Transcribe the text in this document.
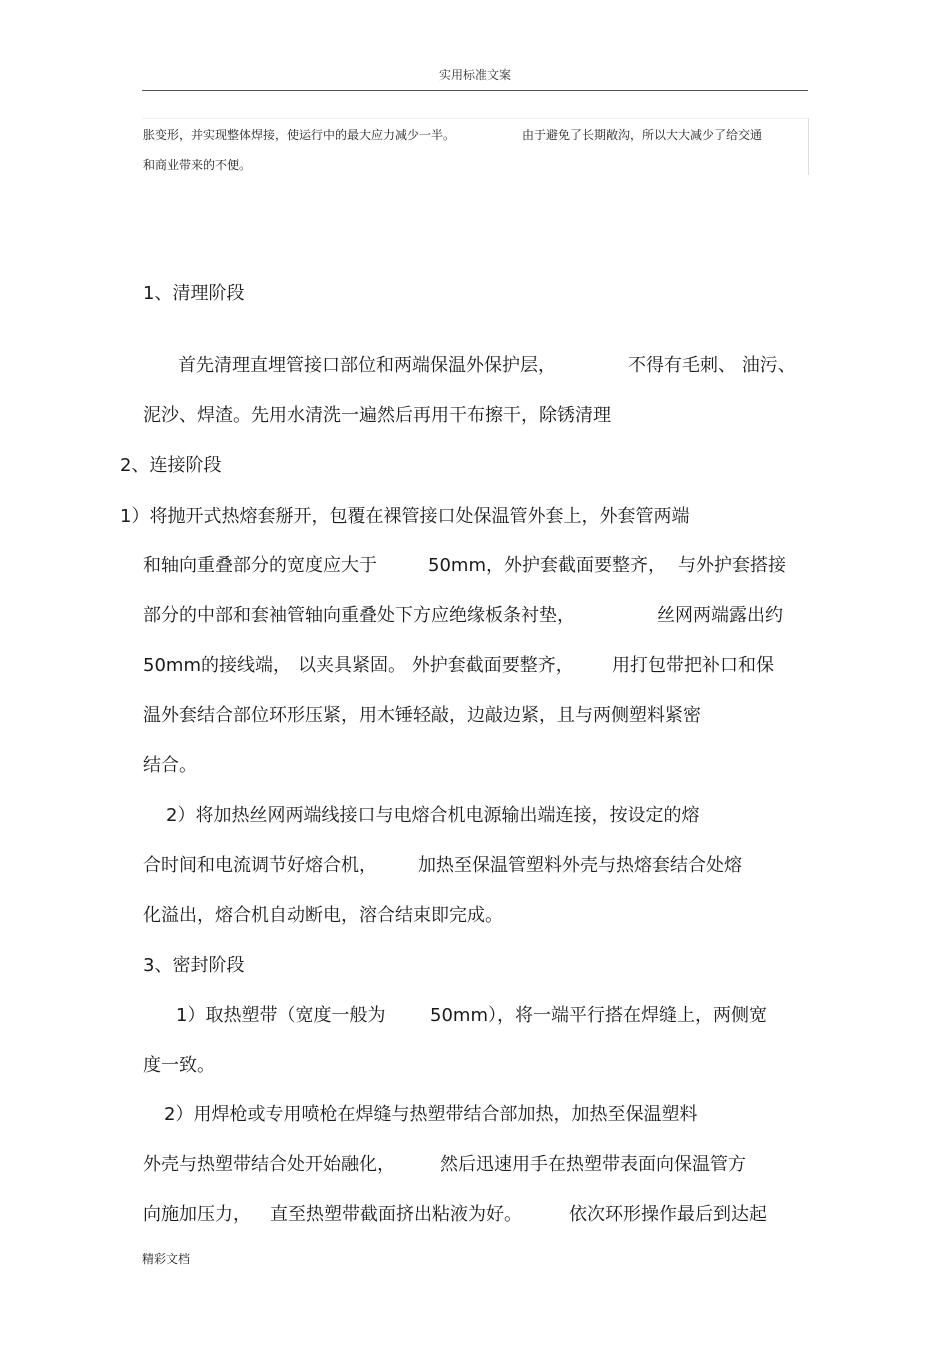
实用标准文案
胀变形，并实现整体焊接，使运行中的最大应力减少一半。	由于避免了长期敞沟，所以大大减少了给交通
和商业带来的不便。
1、清理阶段
首先清理直埋管接口部位和两端保温外保护层，	不得有毛刺、 油污、
泥沙、焊渣。先用水清洗一遍然后再用干布擦干，除锈清理
2、连接阶段
1）将抛开式热熔套掰开，包覆在裸管接口处保温管外套上，外套管两端
和轴向重叠部分的宽度应大于	50mm，外护套截面要整齐， 与外护套搭接
部分的中部和套袖管轴向重叠处下方应绝缘板条衬垫，	丝网两端露出约
50mm的接线端， 以夹具紧固。 外护套截面要整齐， 用打包带把补口和保
温外套结合部位环形压紧，用木锤轻敲，边敲边紧，且与两侧塑料紧密
结合。
2）将加热丝网两端线接口与电熔合机电源输出端连接，按设定的熔
合时间和电流调节好熔合机， 加热至保温管塑料外壳与热熔套结合处熔
化溢出，熔合机自动断电，溶合结束即完成。
3、密封阶段
1）取热塑带（宽度一般为 50mm），将一端平行搭在焊缝上，两侧宽
度一致。
2）用焊枪或专用喷枪在焊缝与热塑带结合部加热，加热至保温塑料
外壳与热塑带结合处开始融化，	然后迅速用手在热塑带表面向保温管方
向施加压力， 直至热塑带截面挤出粘液为好。	依次环形操作最后到达起
精彩文档
